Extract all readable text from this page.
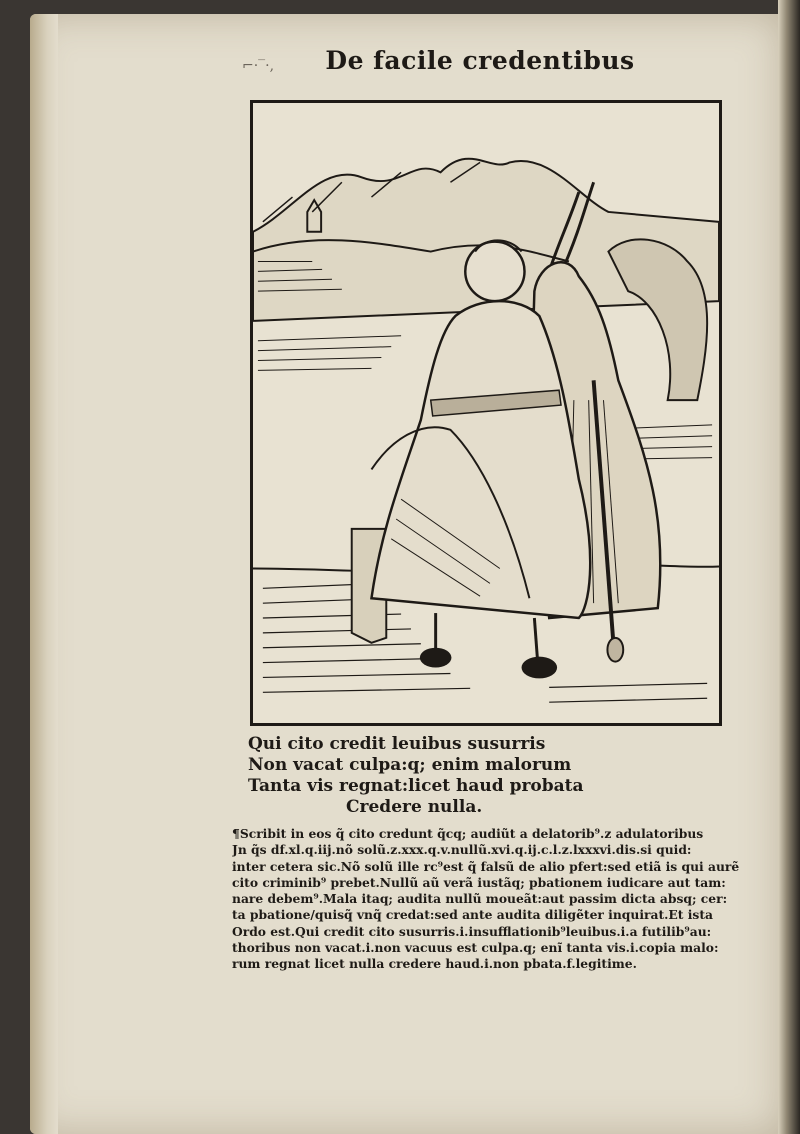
⌐·‾·,	De facile credentibus
Qui cito credit leuibus susurris
Non vacat culpa:q; enim malorum
Tanta vis regnat:licet haud probata
Credere nulla.
¶Scribit in eos q̃ cito credunt q̃cq; audiũt a delatorib⁹.z adulatoribus
Jn q̃s df.xl.q.iij.nõ solũ.z.xxx.q.v.nullũ.xvi.q.ij.c.l.z.lxxxvi.dis.si quid:
inter cetera sic.Nõ solũ ille rc⁹est q̃ falsũ de alio pfert:sed etiã is qui aurẽ
cito criminib⁹ prebet.Nullũ aũ verã iustãq; pbationem iudicare aut tam:
nare debem⁹.Mala itaq; audita nullũ moueãt:aut passim dicta absq; cer:
ta pbatione/quisq̃ vnq̃ credat:sed ante audita diligẽter inquirat.Et ista
Ordo est.Qui credit cito susurris.i.insufflationib⁹leuibus.i.a futilib⁹au:
thoribus non vacat.i.non vacuus est culpa.q; enĩ tanta vis.i.copia malo:
rum regnat licet nulla credere haud.i.non pbata.f.legitime.
